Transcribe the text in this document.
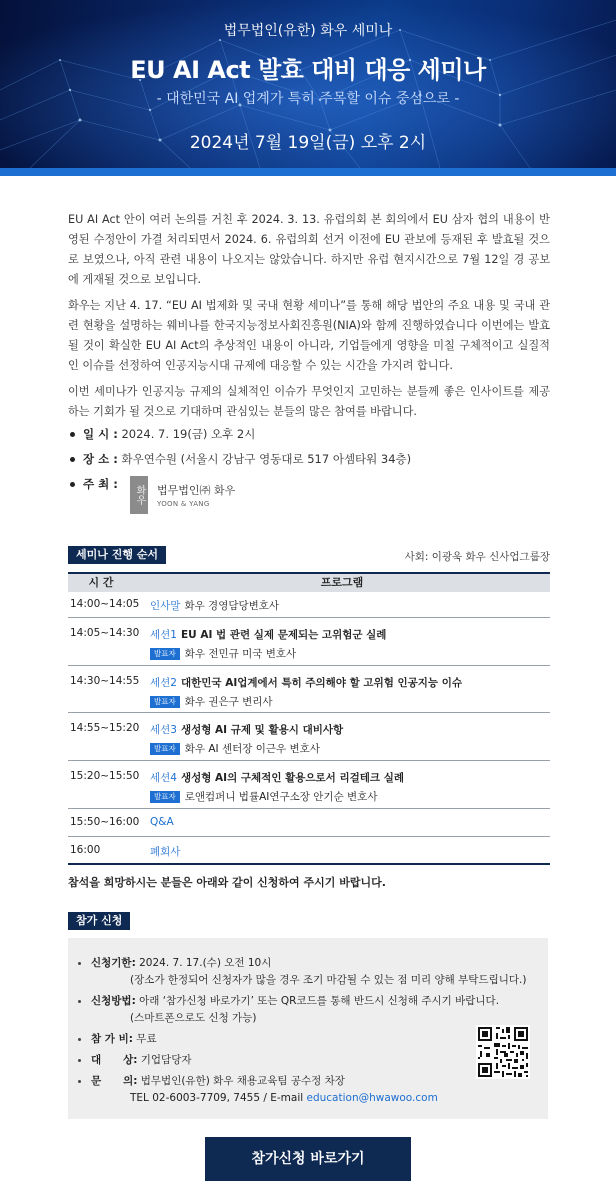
법무법인(유한) 화우 세미나
EU AI Act 발효 대비 대응 세미나
- 대한민국 AI 업계가 특히 주목할 이슈 중심으로 -
2024년 7월 19일(금) 오후 2시

EU AI Act 안이 여러 논의를 거친 후 2024. 3. 13. 유럽의회 본 회의에서 EU 삼자 협의 내용이 반영된 수정안이 가결 처리되면서 2024. 6. 유럽의회 선거 이전에 EU 관보에 등재된 후 발효될 것으로 보였으나, 아직 관련 내용이 나오지는 않았습니다. 하지만 유럽 현지시간으로 7월 12일 경 공보에 게재될 것으로 보입니다.

화우는 지난 4. 17. “EU AI 법제화 및 국내 현황 세미나”를 통해 해당 법안의 주요 내용 및 국내 관련 현황을 설명하는 웨비나를 한국지능정보사회진흥원(NIA)와 함께 진행하였습니다 이번에는 발효될 것이 확실한 EU AI Act의 추상적인 내용이 아니라, 기업들에게 영향을 미칠 구체적이고 실질적인 이슈를 선정하여 인공지능시대 규제에 대응할 수 있는 시간을 가지려 합니다.

이번 세미나가 인공지능 규제의 실체적인 이슈가 무엇인지 고민하는 분들께 좋은 인사이트를 제공하는 기회가 될 것으로 기대하며 관심있는 분들의 많은 참여를 바랍니다.

일 시 : 2024. 7. 19(금) 오후 2시
장 소 : 화우연수원 (서울시 강남구 영동대로 517 아셈타워 34층)
주 최 :
화우 법무법인㈜ 화우
YOON & YANG
세미나 진행 순서	사회: 이광욱 화우 신사업그룹장
시 간	프로그램
14:00~14:05 인사말 화우 경영담당변호사
14:05~14:30 세션1 EU AI 법 관련 실제 문제되는 고위험군 실례
발표자 화우 전민규 미국 변호사
14:30~14:55 세션2 대한민국 AI업계에서 특히 주의해야 할 고위험 인공지능 이슈
발표자 화우 권은구 변리사
14:55~15:20 세션3 생성형 AI 규제 및 활용시 대비사항
발표자 화우 AI 센터장 이근우 변호사
15:20~15:50 세션4 생성형 AI의 구체적인 활용으로서 리걸테크 실례
발표자 로앤컴퍼니 법률AI연구소장 안기순 변호사
15:50~16:00 Q&A
16:00	폐회사
참석을 희망하시는 분들은 아래와 같이 신청하여 주시기 바랍니다.
참가 신청
신청기한: 2024. 7. 17.(수) 오전 10시
(장소가 한정되어 신청자가 많을 경우 조기 마감될 수 있는 점 미리 양해 부탁드립니다.)
신청방법: 아래 ‘참가신청 바로가기’ 또는 QR코드를 통해 반드시 신청해 주시기 바랍니다.
(스마트폰으로도 신청 가능)
참 가 비: 무료
대      상: 기업담당자
문      의: 법무법인(유한) 화우 채용교육팀 공수정 차장
TEL 02-6003-7709, 7455 / E-mail education@hwawoo.com
참가신청 바로가기
